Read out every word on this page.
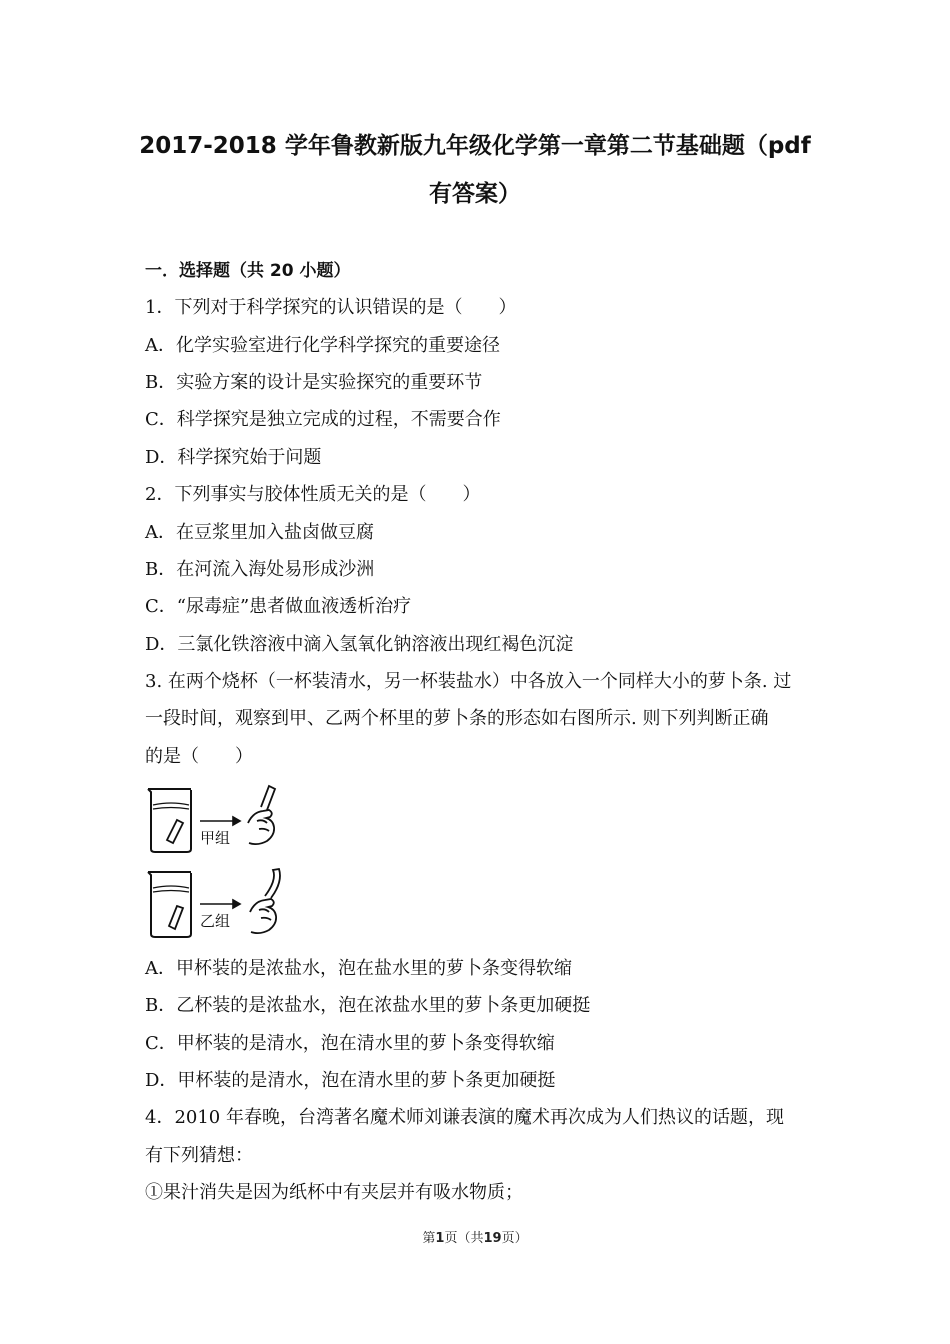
2017-2018 学年鲁教新版九年级化学第一章第二节基础题（pdf
有答案）
一．选择题（共 20 小题）
1．下列对于科学探究的认识错误的是（　　）
A．化学实验室进行化学科学探究的重要途径
B．实验方案的设计是实验探究的重要环节
C．科学探究是独立完成的过程，不需要合作
D．科学探究始于问题
2．下列事实与胶体性质无关的是（　　）
A．在豆浆里加入盐卤做豆腐
B．在河流入海处易形成沙洲
C．“尿毒症”患者做血液透析治疗
D．三氯化铁溶液中滴入氢氧化钠溶液出现红褐色沉淀
3. 在两个烧杯（一杯装清水，另一杯装盐水）中各放入一个同样大小的萝卜条. 过
一段时间，观察到甲、乙两个杯里的萝卜条的形态如右图所示. 则下列判断正确
的是（　　）
甲组
乙组
A．甲杯装的是浓盐水，泡在盐水里的萝卜条变得软缩
B．乙杯装的是浓盐水，泡在浓盐水里的萝卜条更加硬挺
C．甲杯装的是清水，泡在清水里的萝卜条变得软缩
D．甲杯装的是清水，泡在清水里的萝卜条更加硬挺
4．2010 年春晚，台湾著名魔术师刘谦表演的魔术再次成为人们热议的话题，现
有下列猜想：
①果汁消失是因为纸杯中有夹层并有吸水物质；
第1页（共19页）
